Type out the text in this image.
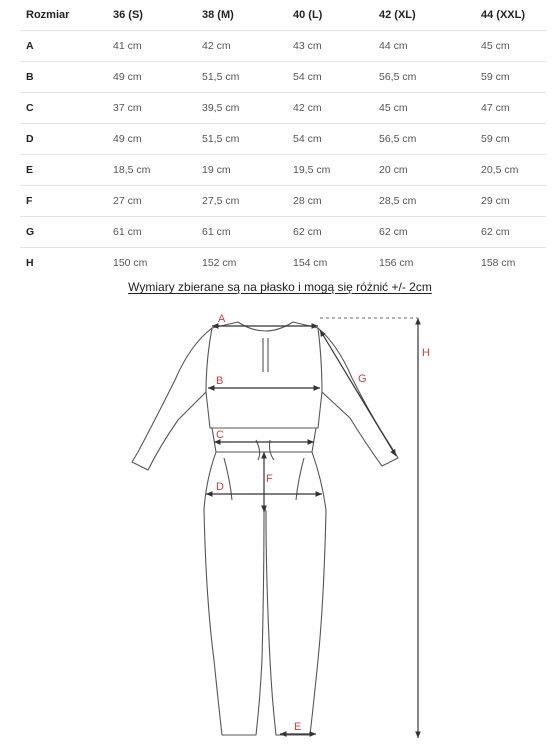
Rozmiar	36 (S)	38 (M)	40 (L)	42 (XL)	44 (XXL)
A	41 cm	42 cm	43 cm	44 cm	45 cm
B	49 cm	51,5 cm	54 cm	56,5 cm	59 cm
C	37 cm	39,5 cm	42 cm	45 cm	47 cm
D	49 cm	51,5 cm	54 cm	56,5 cm	59 cm
E	18,5 cm	19 cm	19,5 cm	20 cm	20,5 cm
F	27 cm	27,5 cm	28 cm	28,5 cm	29 cm
G	61 cm	61 cm	62 cm	62 cm	62 cm
H	150 cm	152 cm	154 cm	156 cm	158 cm
Wymiary zbierane są na płasko i mogą się różnić +/- 2cm
A
B
C
D
E
F
G
H
